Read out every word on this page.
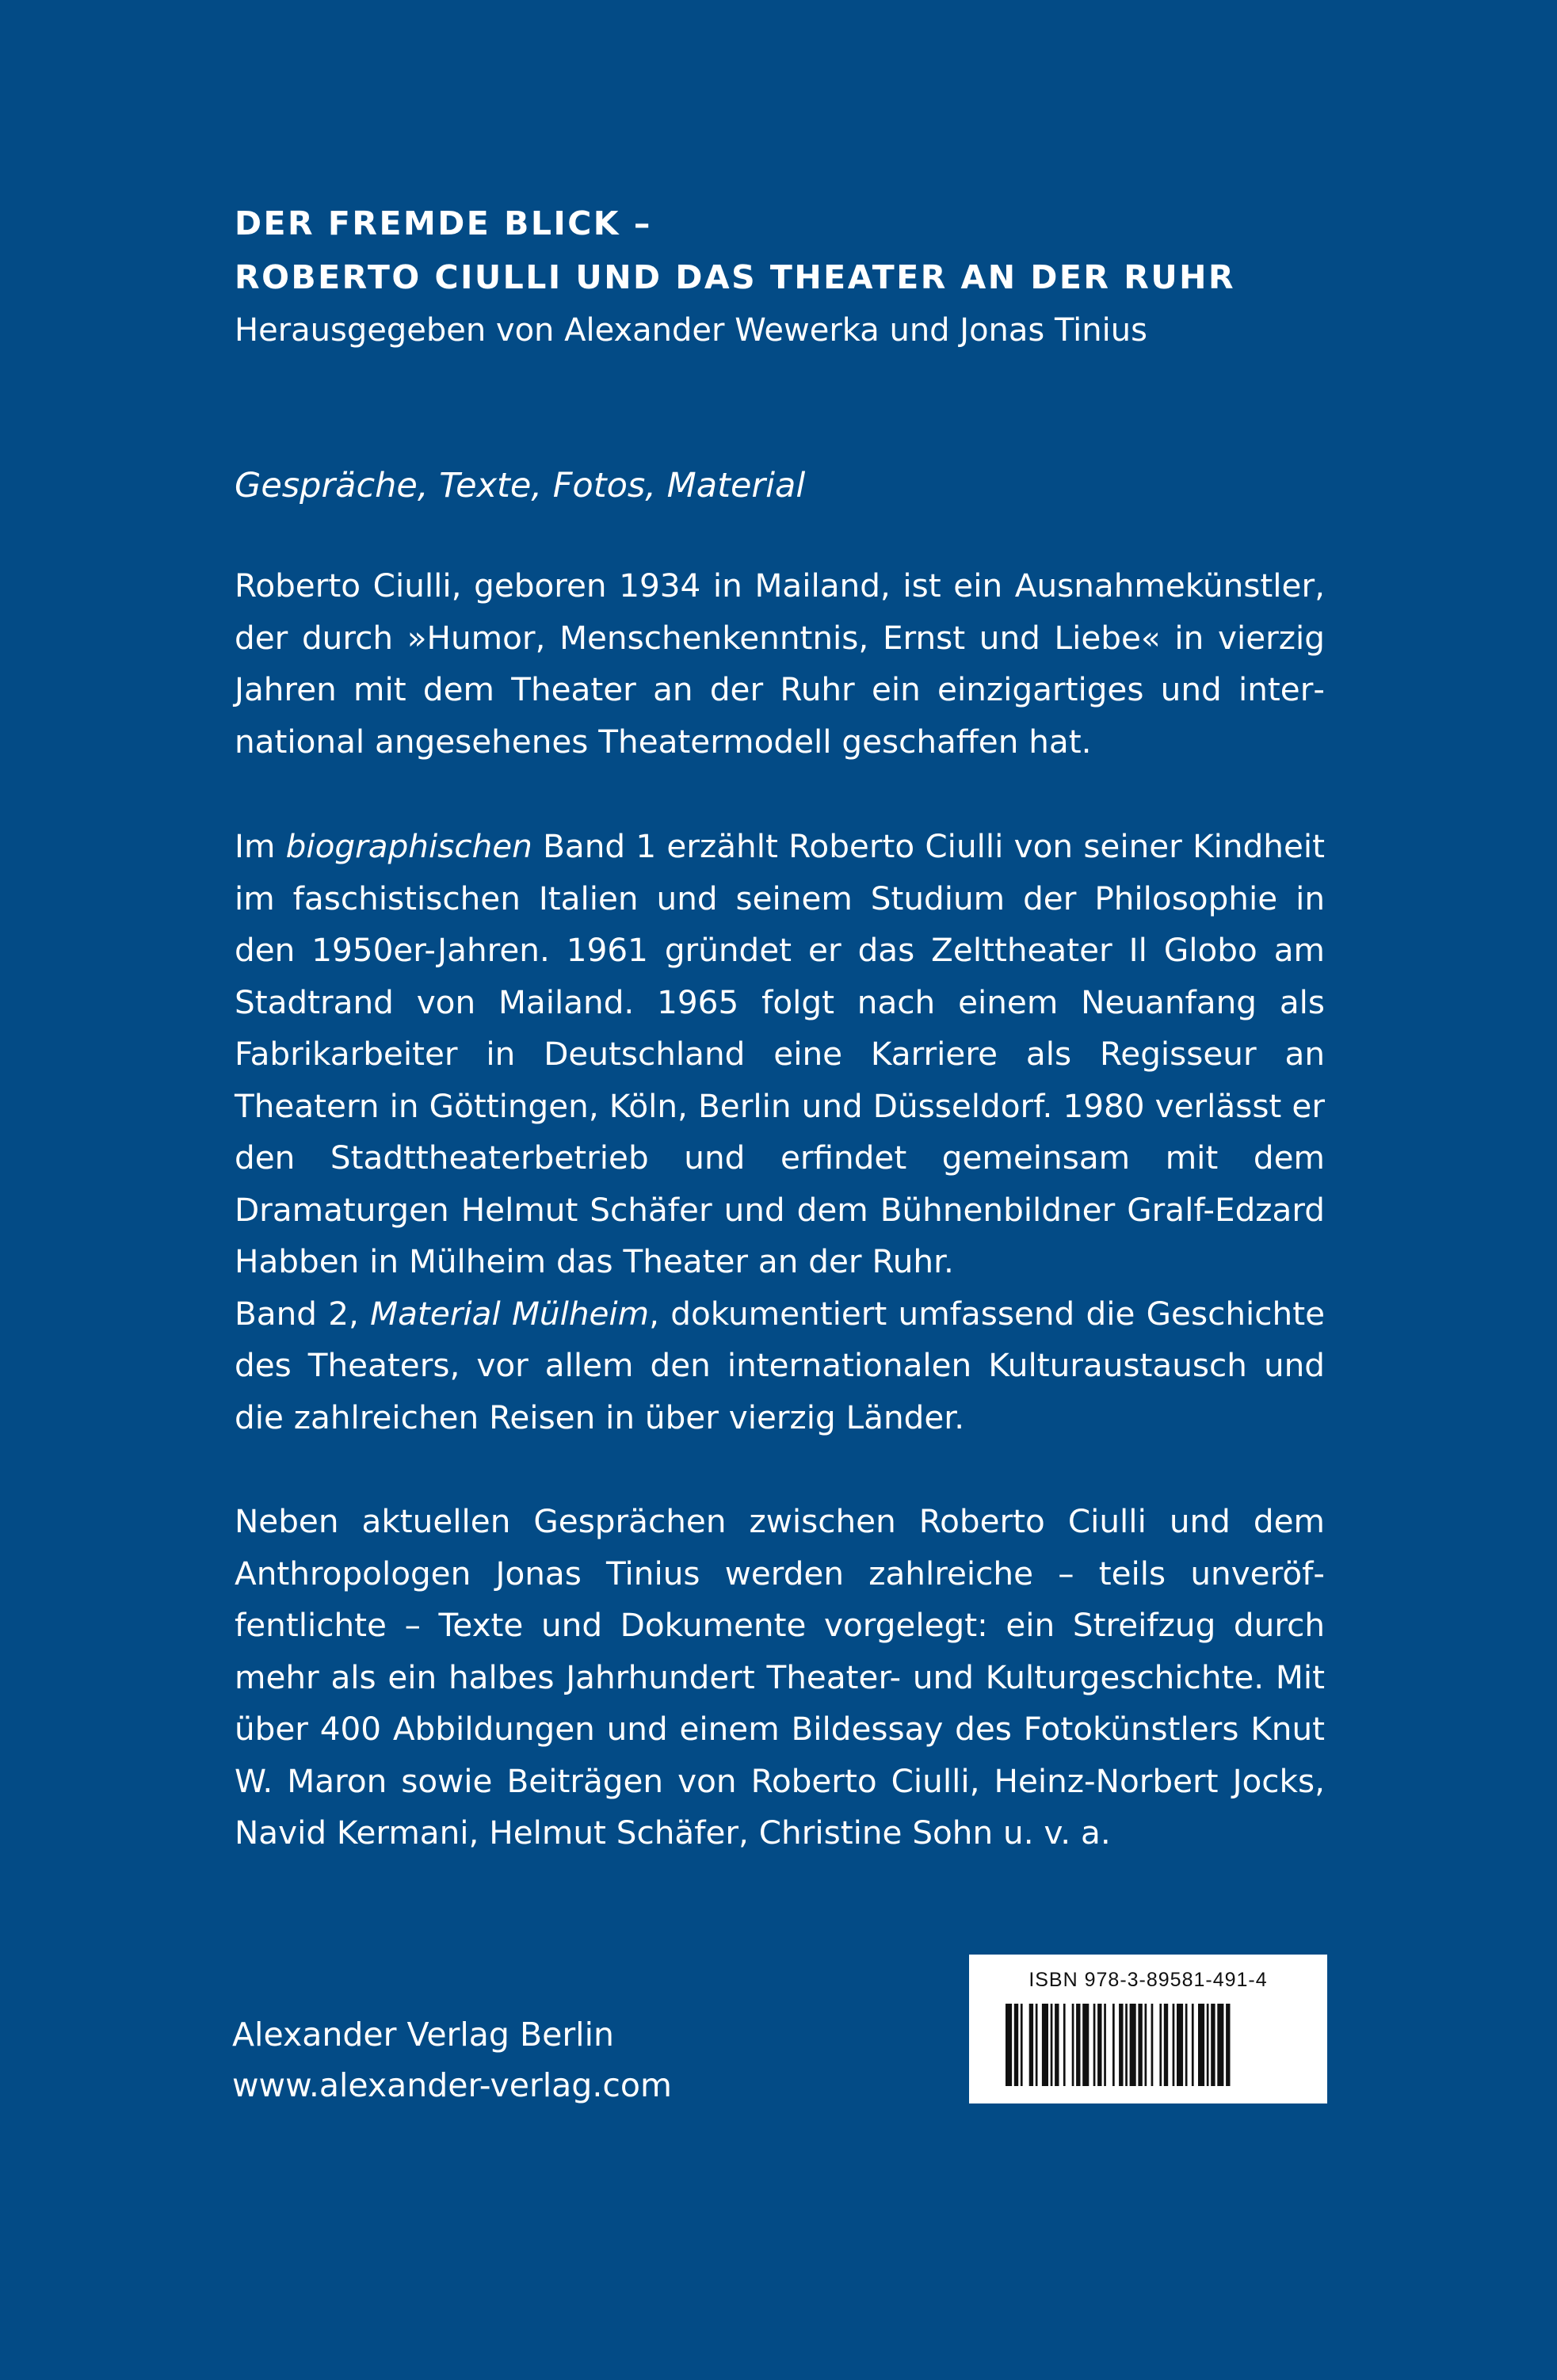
DER FREMDE BLICK –

ROBERTO CIULLI UND DAS THEATER AN DER RUHR

Herausgegeben von Alexander Wewerka und Jonas Tinius

Gespräche, Texte, Fotos, Material

Roberto Ciulli, geboren 1934 in Mailand, ist ein Ausnahmekünstler, der durch »Humor, Menschenkenntnis, Ernst und Liebe« in vierzig Jahren mit dem Theater an der Ruhr ein einzigartiges und international angesehenes Theatermodell geschaffen hat.

Im biographischen Band 1 erzählt Roberto Ciulli von seiner Kindheit im faschistischen Italien und seinem Studium der Philosophie in den 1950er-Jahren. 1961 gründet er das Zelttheater Il Globo am Stadtrand von Mailand. 1965 folgt nach einem Neuanfang als Fabrikarbeiter in Deutschland eine Karriere als Regisseur an Theatern in Göttingen, Köln, Berlin und Düsseldorf. 1980 verlässt er den Stadttheaterbetrieb und erfindet gemeinsam mit dem Dramaturgen Helmut Schäfer und dem Bühnenbildner Gralf-Edzard Habben in Mülheim das Theater an der Ruhr.
Band 2, Material Mülheim, dokumentiert umfassend die Geschichte des Theaters, vor allem den internationalen Kulturaustausch und die zahlreichen Reisen in über vierzig Länder.

Neben aktuellen Gesprächen zwischen Roberto Ciulli und dem Anthropologen Jonas Tinius werden zahlreiche – teils unveröffentlichte – Texte und Dokumente vorgelegt: ein Streifzug durch mehr als ein halbes Jahrhundert Theater- und Kulturgeschichte. Mit über 400 Abbildungen und einem Bildessay des Fotokünstlers Knut W. Maron sowie Beiträgen von Roberto Ciulli, Heinz-Norbert Jocks, Navid Kermani, Helmut Schäfer, Christine Sohn u. v. a.

Alexander Verlag Berlin
www.alexander-verlag.com
ISBN 978-3-89581-491-4
